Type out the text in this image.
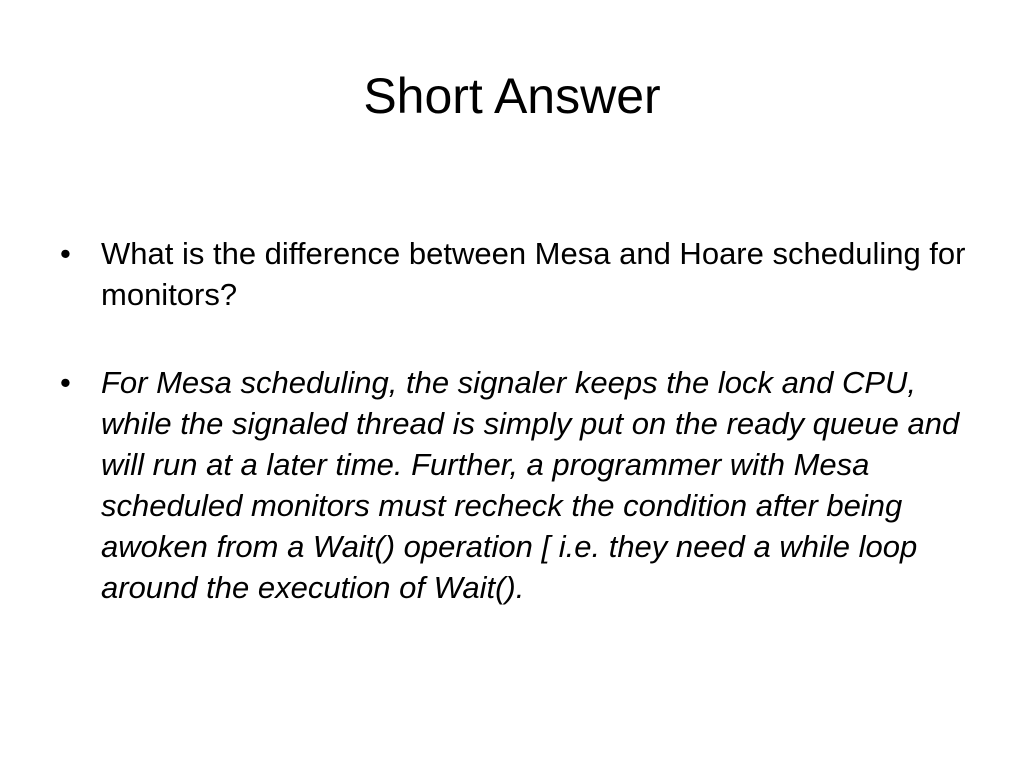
Short Answer
• What is the difference between Mesa and Hoare scheduling for monitors?
• For Mesa scheduling, the signaler keeps the lock and CPU, while the signaled thread is simply put on the ready queue and will run at a later time. Further, a programmer with Mesa scheduled monitors must recheck the condition after being awoken from a Wait() operation [ i.e. they need a while loop around the execution of Wait().
